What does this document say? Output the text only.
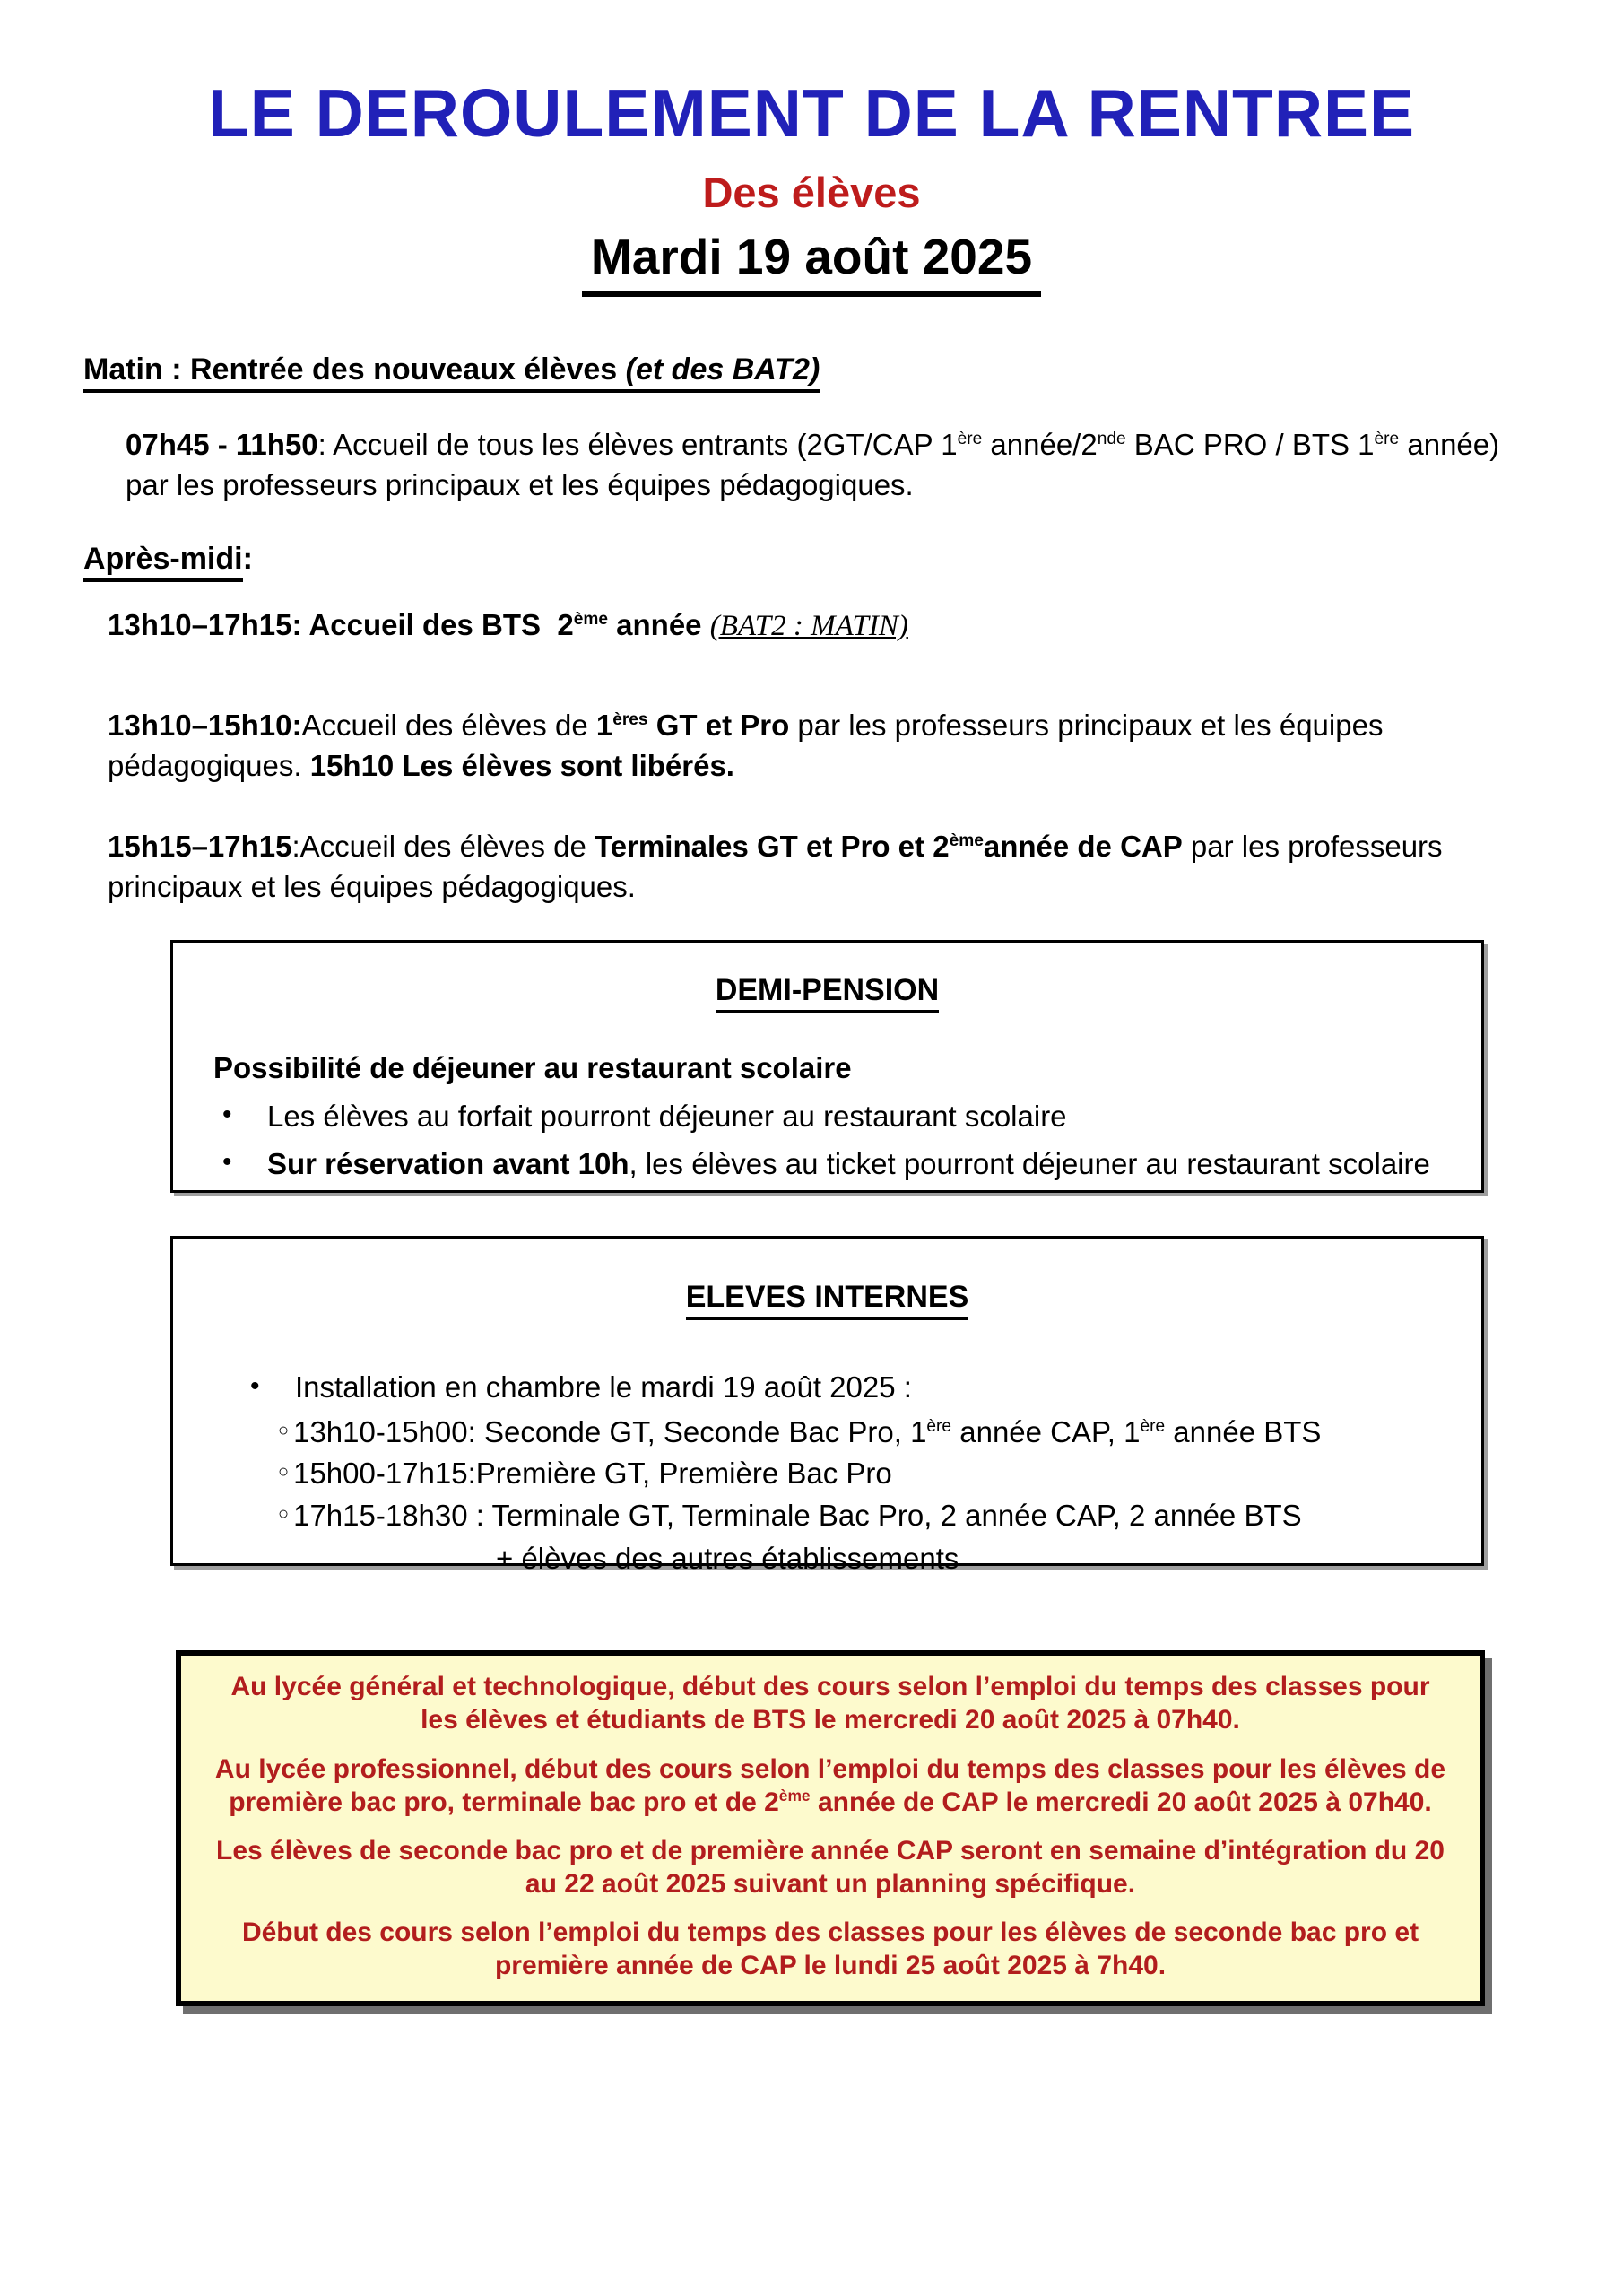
LE DEROULEMENT DE LA RENTREE
Des élèves
Mardi 19 août 2025
Matin : Rentrée des nouveaux élèves (et des BAT2)

07h45 - 11h50: Accueil de tous les élèves entrants (2GT/CAP 1ère année/2nde BAC PRO / BTS 1ère année) par les professeurs principaux et les équipes pédagogiques.

Après-midi:

13h10–17h15: Accueil des BTS  2ème année (BAT2 : MATIN)

13h10–15h10:Accueil des élèves de 1ères GT et Pro par les professeurs principaux et les équipes pédagogiques. 15h10 Les élèves sont libérés.

15h15–17h15:Accueil des élèves de Terminales GT et Pro et 2èmeannée de CAP par les professeurs principaux et les équipes pédagogiques.

DEMI-PENSION

Possibilité de déjeuner au restaurant scolaire

•	Les élèves au forfait pourront déjeuner au restaurant scolaire
•	Sur réservation avant 10h, les élèves au ticket pourront déjeuner au restaurant scolaire
ELEVES INTERNES
•	Installation en chambre le mardi 19 août 2025 :
○ 13h10-15h00: Seconde GT, Seconde Bac Pro, 1ère année CAP, 1ère année BTS
○ 15h00-17h15:Première GT, Première Bac Pro
○ 17h15-18h30 : Terminale GT, Terminale Bac Pro, 2 année CAP, 2 année BTS
+ élèves des autres établissements

Au lycée général et technologique, début des cours selon l’emploi du temps des classes pour les élèves et étudiants de BTS le mercredi 20 août 2025 à 07h40.

Au lycée professionnel, début des cours selon l’emploi du temps des classes pour les élèves de première bac pro, terminale bac pro et de 2ème année de CAP le mercredi 20 août 2025 à 07h40.

Les élèves de seconde bac pro et de première année CAP seront en semaine d’intégration du 20 au 22 août 2025 suivant un planning spécifique.

Début des cours selon l’emploi du temps des classes pour les élèves de seconde bac pro et première année de CAP le lundi 25 août 2025 à 7h40.
